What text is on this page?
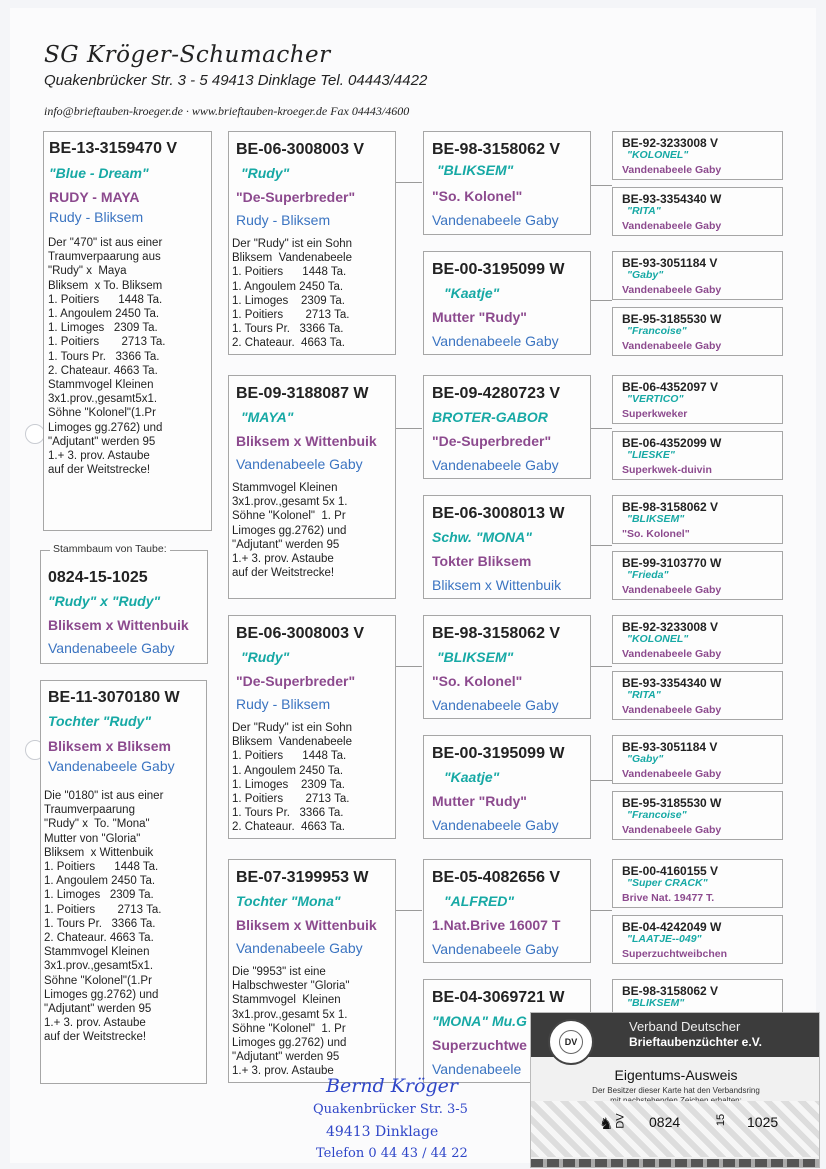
SG Kröger-Schumacher
Quakenbrücker Str. 3 - 5 49413 Dinklage Tel. 04443/4422
info@brieftauben-kroeger.de · www.brieftauben-kroeger.de Fax 04443/4600
BE-13-3159470 V
"Blue - Dream"
RUDY - MAYA
Rudy - Bliksem
Der "470" ist aus einer
Traumverpaarung aus
"Rudy" x  Maya
Bliksem  x To. Bliksem
1. Poitiers      1448 Ta.
1. Angoulem 2450 Ta.
1. Limoges   2309 Ta.
1. Poitiers       2713 Ta.
1. Tours Pr.   3366 Ta.
2. Chateaur. 4663 Ta.
Stammvogel Kleinen
3x1.prov.,gesamt5x1.
Söhne "Kolonel"(1.Pr
Limoges gg.2762) und
"Adjutant" werden 95
1.+ 3. prov. Astaube
auf der Weitstrecke!
0824-15-1025
"Rudy" x "Rudy"
Bliksem x Wittenbuik
Vandenabeele Gaby
Stammbaum von Taube:
BE-11-3070180 W
Tochter "Rudy"
Bliksem x Bliksem
Vandenabeele Gaby
Die "0180" ist aus einer
Traumverpaarung
"Rudy" x  To. "Mona"
Mutter von "Gloria"
Bliksem  x Wittenbuik
1. Poitiers      1448 Ta.
1. Angoulem 2450 Ta.
1. Limoges   2309 Ta.
1. Poitiers       2713 Ta.
1. Tours Pr.   3366 Ta.
2. Chateaur. 4663 Ta.
Stammvogel Kleinen
3x1.prov.,gesamt5x1.
Söhne "Kolonel"(1.Pr
Limoges gg.2762) und
"Adjutant" werden 95
1.+ 3. prov. Astaube
auf der Weitstrecke!
BE-06-3008003 V
"Rudy"
"De-Superbreder"
Rudy - Bliksem
Der "Rudy" ist ein Sohn
Bliksem  Vandenabeele
1. Poitiers      1448 Ta.
1. Angoulem 2450 Ta.
1. Limoges    2309 Ta.
1. Poitiers       2713 Ta.
1. Tours Pr.   3366 Ta.
2. Chateaur.  4663 Ta.
BE-09-3188087 W
"MAYA"
Bliksem x Wittenbuik
Vandenabeele Gaby
Stammvogel Kleinen
3x1.prov.,gesamt 5x 1.
Söhne "Kolonel"  1. Pr
Limoges gg.2762) und
"Adjutant" werden 95
1.+ 3. prov. Astaube
auf der Weitstrecke!
BE-06-3008003 V
"Rudy"
"De-Superbreder"
Rudy - Bliksem
Der "Rudy" ist ein Sohn
Bliksem  Vandenabeele
1. Poitiers      1448 Ta.
1. Angoulem 2450 Ta.
1. Limoges    2309 Ta.
1. Poitiers       2713 Ta.
1. Tours Pr.   3366 Ta.
2. Chateaur.  4663 Ta.
BE-07-3199953 W
Tochter "Mona"
Bliksem x Wittenbuik
Vandenabeele Gaby
Die "9953" ist eine
Halbschwester "Gloria"
Stammvogel  Kleinen
3x1.prov.,gesamt 5x 1.
Söhne "Kolonel"  1. Pr
Limoges gg.2762) und
"Adjutant" werden 95
1.+ 3. prov. Astaube
BE-98-3158062 V
"BLIKSEM"
"So. Kolonel"
Vandenabeele Gaby
BE-00-3195099 W
"Kaatje"
Mutter "Rudy"
Vandenabeele Gaby
BE-09-4280723 V
BROTER-GABOR
"De-Superbreder"
Vandenabeele Gaby
BE-06-3008013 W
Schw. "MONA"
Tokter Bliksem
Bliksem x Wittenbuik
BE-98-3158062 V
"BLIKSEM"
"So. Kolonel"
Vandenabeele Gaby
BE-00-3195099 W
"Kaatje"
Mutter "Rudy"
Vandenabeele Gaby
BE-05-4082656 V
"ALFRED"
1.Nat.Brive 16007 T
Vandenabeele Gaby
BE-04-3069721 W
"MONA" Mu.G
Superzuchtwe
Vandenabeele
BE-92-3233008 V
"KOLONEL"
Vandenabeele Gaby
BE-93-3354340 W
"RITA"
Vandenabeele Gaby
BE-93-3051184 V
"Gaby"
Vandenabeele Gaby
BE-95-3185530 W
"Francoise"
Vandenabeele Gaby
BE-06-4352097 V
"VERTICO"
Superkweker
BE-06-4352099 W
"LIESKE"
Superkwek-duivin
BE-98-3158062 V
"BLIKSEM"
"So. Kolonel"
BE-99-3103770 W
"Frieda"
Vandenabeele Gaby
BE-92-3233008 V
"KOLONEL"
Vandenabeele Gaby
BE-93-3354340 W
"RITA"
Vandenabeele Gaby
BE-93-3051184 V
"Gaby"
Vandenabeele Gaby
BE-95-3185530 W
"Francoise"
Vandenabeele Gaby
BE-00-4160155 V
"Super CRACK"
Brive Nat. 19477 T.
BE-04-4242049 W
"LAATJE--049"
Superzuchtweibchen
BE-98-3158062 V
"BLIKSEM"
DV
Verband Deutscher
Brieftaubenzüchter e.V.
Eigentums-Ausweis
Der Besitzer dieser Karte hat den Verbandsring
DV
♞	0824	15 1025
Bernd Kröger
Quakenbrücker Str. 3-5
49413 Dinklage
Telefon 0 44 43 / 44 22
